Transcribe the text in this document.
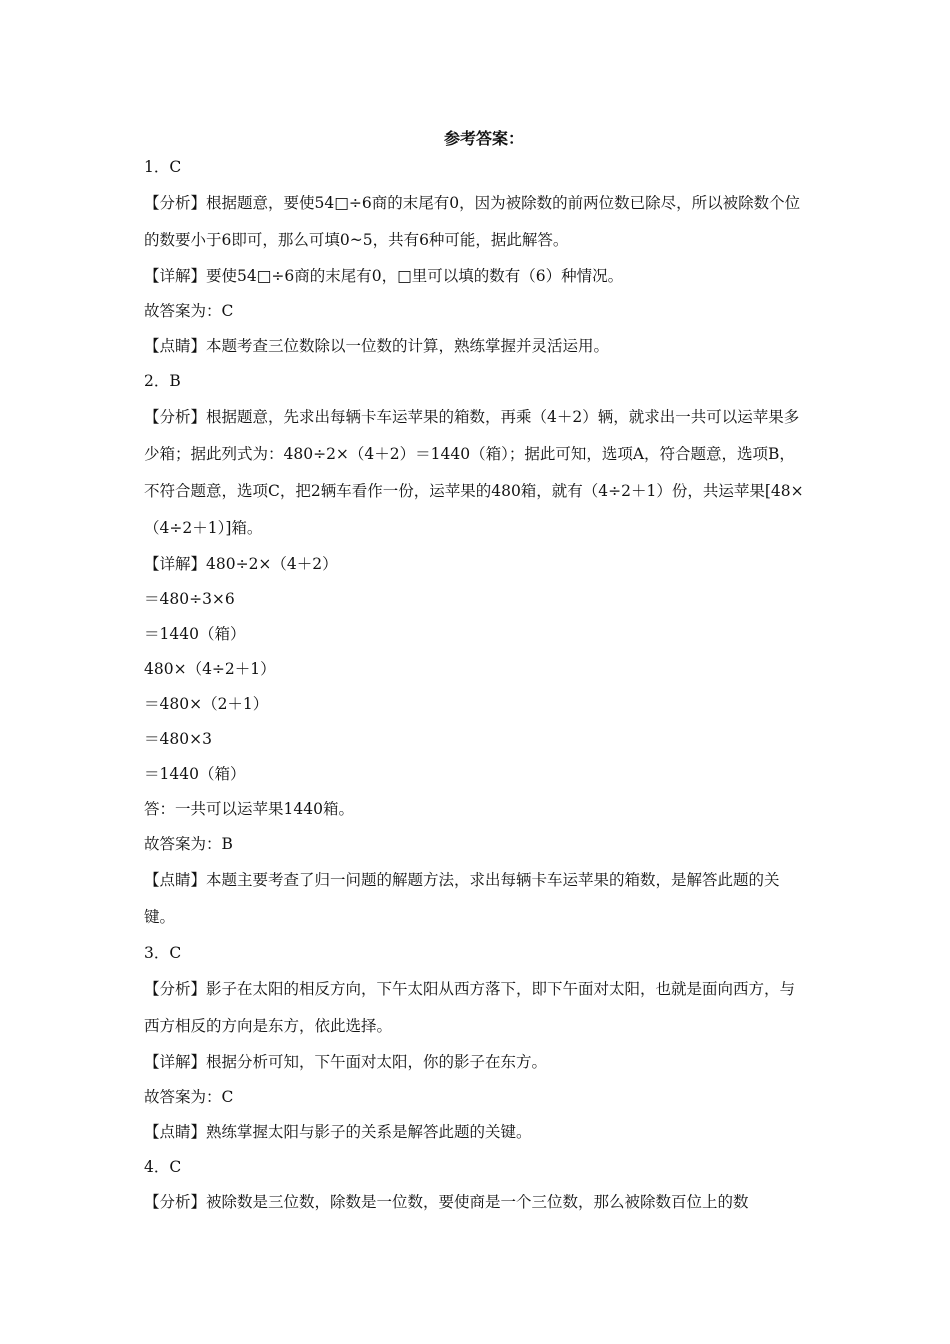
参考答案：
1．C
【分析】根据题意，要使54□÷6商的末尾有0，因为被除数的前两位数已除尽，所以被除数个位的数要小于6即可，那么可填0~5，共有6种可能，据此解答。
【详解】要使54□÷6商的末尾有0，□里可以填的数有（6）种情况。
故答案为：C
【点睛】本题考查三位数除以一位数的计算，熟练掌握并灵活运用。
2．B
【分析】根据题意，先求出每辆卡车运苹果的箱数，再乘（4＋2）辆，就求出一共可以运苹果多少箱；据此列式为：480÷2×（4＋2）＝1440（箱）；据此可知，选项A，符合题意，选项B，不符合题意，选项C，把2辆车看作一份，运苹果的480箱，就有（4÷2＋1）份，共运苹果[48×（4÷2＋1）]箱。
【详解】480÷2×（4＋2）
＝480÷3×6
＝1440（箱）
480×（4÷2＋1）
＝480×（2＋1）
＝480×3
＝1440（箱）
答：一共可以运苹果1440箱。
故答案为：B
【点睛】本题主要考查了归一问题的解题方法，求出每辆卡车运苹果的箱数，是解答此题的关键。
3．C
【分析】影子在太阳的相反方向，下午太阳从西方落下，即下午面对太阳，也就是面向西方，与西方相反的方向是东方，依此选择。
【详解】根据分析可知，下午面对太阳，你的影子在东方。
故答案为：C
【点睛】熟练掌握太阳与影子的关系是解答此题的关键。
4．C
【分析】被除数是三位数，除数是一位数，要使商是一个三位数，那么被除数百位上的数
